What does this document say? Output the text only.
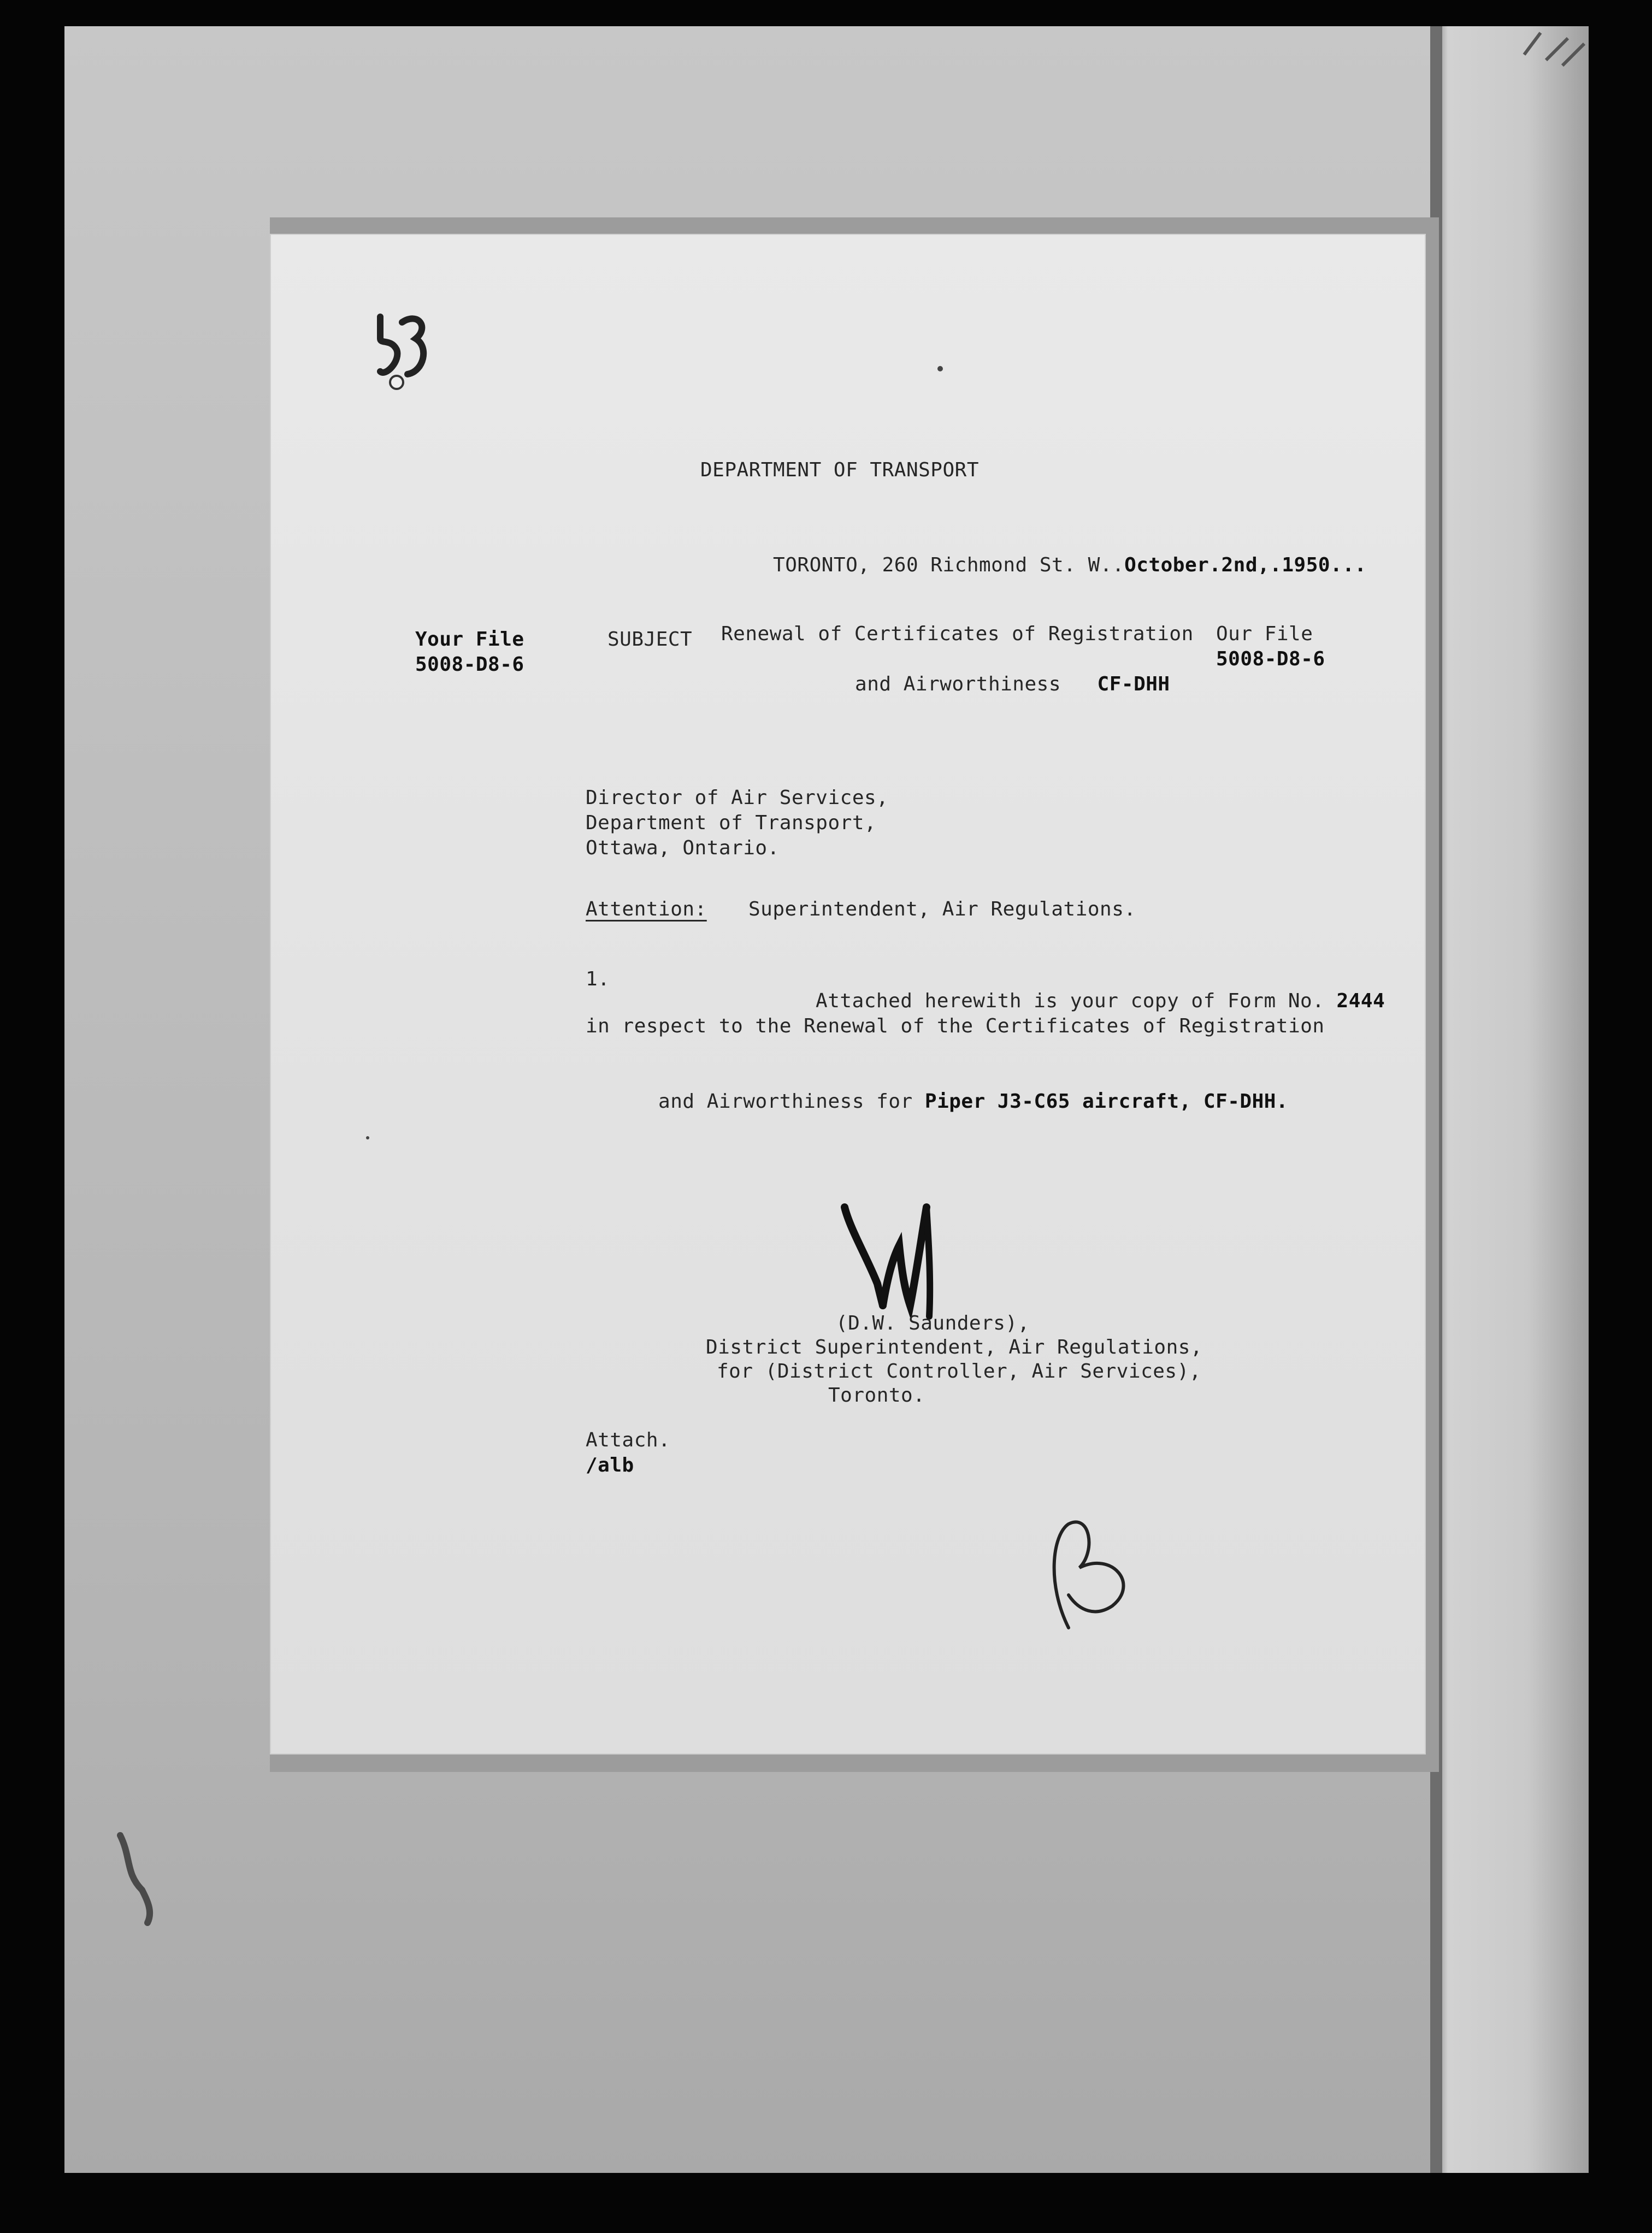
DEPARTMENT OF TRANSPORT

TORONTO, 260 Richmond St. W..October.2nd,.1950...

Your File
5008-D8-6
SUBJECT Renewal of Certificates of Registration

and Airworthiness CF-DHH

Our File
5008-D8-6
Director of Air Services,
Department of Transport,
Ottawa, Ontario.
Attention: Superintendent, Air Regulations.
1.

Attached herewith is your copy of Form No. 2444

in respect to the Renewal of the Certificates of Registration

and Airworthiness for Piper J3-C65 aircraft, CF-DHH.

(D.W. Saunders),
District Superintendent, Air Regulations,
for (District Controller, Air Services),
Toronto.
Attach.
/alb
